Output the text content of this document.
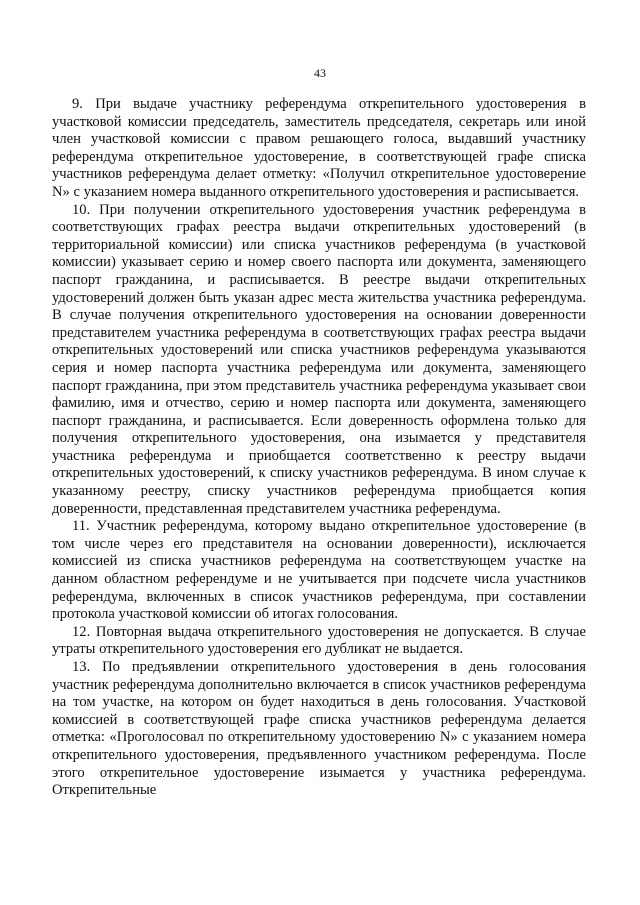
43

9. При выдаче участнику референдума открепительного удостоверения в участковой комиссии председатель, заместитель председателя, секретарь или иной член участковой комиссии с правом решающего голоса, выдавший участнику референдума открепительное удостоверение, в соответствующей графе списка участников референдума делает отметку: «Получил открепительное удостоверение N» с указанием номера выданного открепительного удостоверения и расписывается.

10. При получении открепительного удостоверения участник референдума в соответствующих графах реестра выдачи открепительных удостоверений (в территориальной комиссии) или списка участников референдума (в участковой комиссии) указывает серию и номер своего паспорта или документа, заменяющего паспорт гражданина, и расписывается. В реестре выдачи открепительных удостоверений должен быть указан адрес места жительства участника референдума. В случае получения открепительного удостоверения на основании доверенности представителем участника референдума в соответствующих графах реестра выдачи открепительных удостоверений или списка участников референдума указываются серия и номер паспорта участника референдума или документа, заменяющего паспорт гражданина, при этом представитель участника референдума указывает свои фамилию, имя и отчество, серию и номер паспорта или документа, заменяющего паспорт гражданина, и расписывается. Если доверенность оформлена только для получения открепительного удостоверения, она изымается у представителя участника референдума и приобщается соответственно к реестру выдачи открепительных удостоверений, к списку участников референдума. В ином случае к указанному реестру, списку участников референдума приобщается копия доверенности, представленная представителем участника референдума.

11. Участник референдума, которому выдано открепительное удостоверение (в том числе через его представителя на основании доверенности), исключается комиссией из списка участников референдума на соответствующем участке на данном областном референдуме и не учитывается при подсчете числа участников референдума, включенных в список участников референдума, при составлении протокола участковой комиссии об итогах голосования.

12. Повторная выдача открепительного удостоверения не допускается. В случае утраты открепительного удостоверения его дубликат не выдается.

13. По предъявлении открепительного удостоверения в день голосования участник референдума дополнительно включается в список участников референдума на том участке, на котором он будет находиться в день голосования. Участковой комиссией в соответствующей графе списка участников референдума делается отметка: «Проголосовал по открепительному удостоверению N» с указанием номера открепительного удостоверения, предъявленного участником референдума. После этого открепительное удостоверение изымается у участника референдума. Открепительные
